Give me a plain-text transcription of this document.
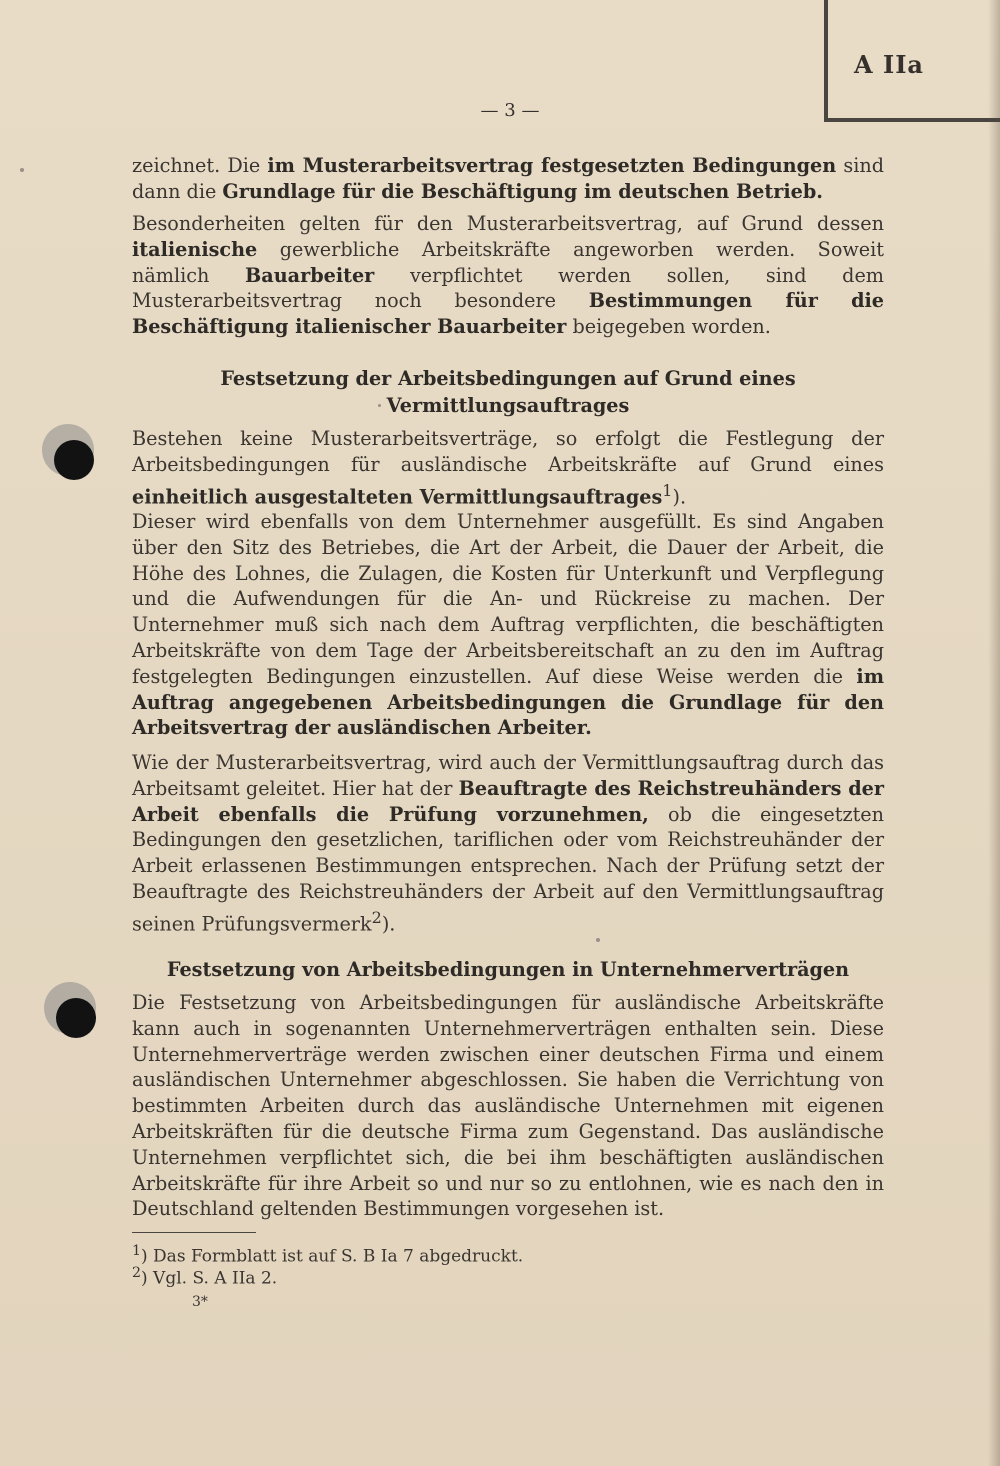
A IIa
— 3 —

zeichnet. Die im Musterarbeitsvertrag festgesetzten Bedingungen sind dann die Grundlage für die Beschäftigung im deutschen Betrieb.

Besonderheiten gelten für den Musterarbeitsvertrag, auf Grund dessen italienische gewerbliche Arbeitskräfte angeworben werden. Soweit nämlich Bauarbeiter verpflichtet werden sollen, sind dem Musterarbeitsvertrag noch besondere Bestimmungen für die Beschäftigung italienischer Bauarbeiter beigegeben worden.

Festsetzung der Arbeitsbedingungen auf Grund eines Vermittlungsauftrages

Bestehen keine Musterarbeitsverträge, so erfolgt die Festlegung der Arbeitsbedingungen für ausländische Arbeitskräfte auf Grund eines einheitlich ausgestalteten Vermittlungsauftrages$^1$).

Dieser wird ebenfalls von dem Unternehmer ausgefüllt. Es sind Angaben über den Sitz des Betriebes, die Art der Arbeit, die Dauer der Arbeit, die Höhe des Lohnes, die Zulagen, die Kosten für Unterkunft und Verpflegung und die Aufwendungen für die An- und Rückreise zu machen. Der Unternehmer muß sich nach dem Auftrag verpflichten, die beschäftigten Arbeitskräfte von dem Tage der Arbeitsbereitschaft an zu den im Auftrag festgelegten Bedingungen einzustellen. Auf diese Weise werden die im Auftrag angegebenen Arbeitsbedingungen die Grundlage für den Arbeitsvertrag der ausländischen Arbeiter.

Wie der Musterarbeitsvertrag, wird auch der Vermittlungsauftrag durch das Arbeitsamt geleitet. Hier hat der Beauftragte des Reichstreuhänders der Arbeit ebenfalls die Prüfung vorzunehmen, ob die eingesetzten Bedingungen den gesetzlichen, tariflichen oder vom Reichstreuhänder der Arbeit erlassenen Bestimmungen entsprechen. Nach der Prüfung setzt der Beauftragte des Reichstreuhänders der Arbeit auf den Vermittlungsauftrag seinen Prüfungsvermerk$^2$).

Festsetzung von Arbeitsbedingungen in Unternehmerverträgen

Die Festsetzung von Arbeitsbedingungen für ausländische Arbeitskräfte kann auch in sogenannten Unternehmerverträgen enthalten sein. Diese Unternehmerverträge werden zwischen einer deutschen Firma und einem ausländischen Unternehmer abgeschlossen. Sie haben die Verrichtung von bestimmten Arbeiten durch das ausländische Unternehmen mit eigenen Arbeitskräften für die deutsche Firma zum Gegenstand. Das ausländische Unternehmen verpflichtet sich, die bei ihm beschäftigten ausländischen Arbeitskräfte für ihre Arbeit so und nur so zu entlohnen, wie es nach den in Deutschland geltenden Bestimmungen vorgesehen ist.

$^1$) Das Formblatt ist auf S. B Ia 7 abgedruckt.

$^2$) Vgl. S. A IIa 2.

3*
